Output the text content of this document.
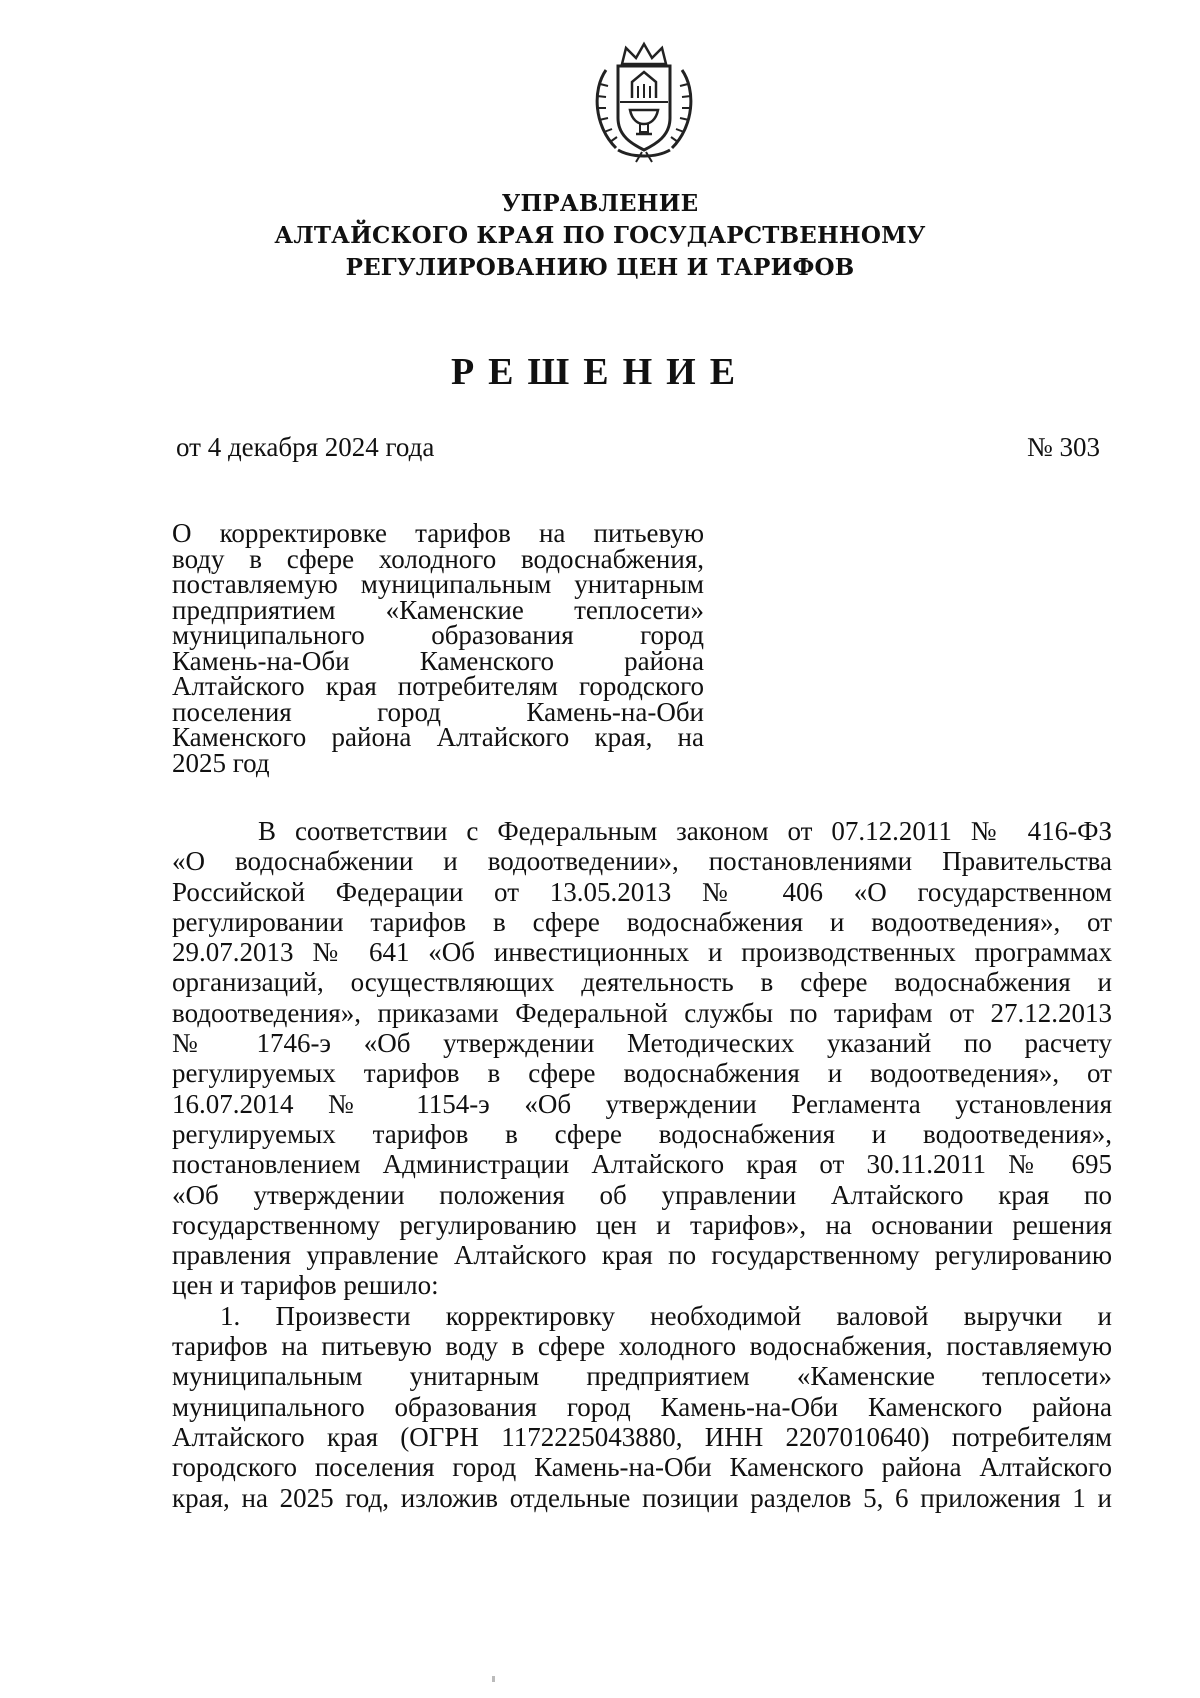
УПРАВЛЕНИЕ
АЛТАЙСКОГО КРАЯ ПО ГОСУДАРСТВЕННОМУ
РЕГУЛИРОВАНИЮ ЦЕН И ТАРИФОВ
РЕШЕНИЕ
от 4 декабря 2024 года	№ 303
О корректировке тарифов на питьевую
воду в сфере холодного водоснабжения,
поставляемую муниципальным унитарным
предприятием «Каменские теплосети»
муниципального образования город
Камень-на-Оби Каменского района
Алтайского края потребителям городского
поселения город Камень-на-Оби
Каменского района Алтайского края, на
2025 год
В соответствии с Федеральным законом от 07.12.2011 № 416-ФЗ
«О водоснабжении и водоотведении», постановлениями Правительства
Российской Федерации от 13.05.2013 № 406 «О государственном
регулировании тарифов в сфере водоснабжения и водоотведения», от
29.07.2013 № 641 «Об инвестиционных и производственных программах
организаций, осуществляющих деятельность в сфере водоснабжения и
водоотведения», приказами Федеральной службы по тарифам от 27.12.2013
№ 1746-э «Об утверждении Методических указаний по расчету
регулируемых тарифов в сфере водоснабжения и водоотведения», от
16.07.2014 № 1154-э «Об утверждении Регламента установления
регулируемых тарифов в сфере водоснабжения и водоотведения»,
постановлением Администрации Алтайского края от 30.11.2011 № 695
«Об утверждении положения об управлении Алтайского края по
государственному регулированию цен и тарифов», на основании решения
правления управление Алтайского края по государственному регулированию
цен и тарифов решило:
1. Произвести корректировку необходимой валовой выручки и
тарифов на питьевую воду в сфере холодного водоснабжения, поставляемую
муниципальным унитарным предприятием «Каменские теплосети»
муниципального образования город Камень-на-Оби Каменского района
Алтайского края (ОГРН 1172225043880, ИНН 2207010640) потребителям
городского поселения город Камень-на-Оби Каменского района Алтайского
края, на 2025 год, изложив отдельные позиции разделов 5, 6 приложения 1 и
